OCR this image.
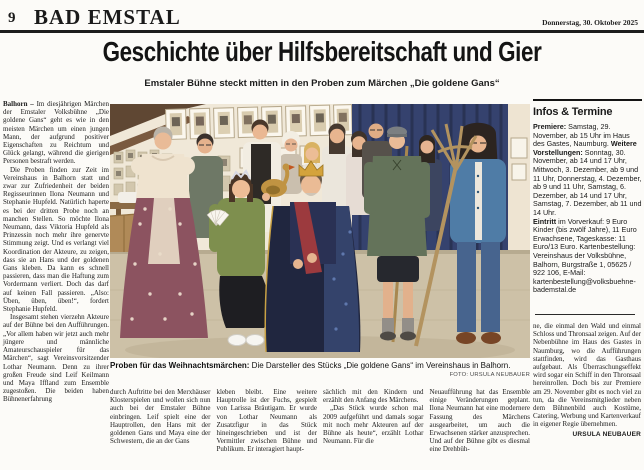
9 BAD EMSTAL	Donnerstag, 30. Oktober 2025
Geschichte über Hilfsbereitschaft und Gier
Emstaler Bühne steckt mitten in den Proben zum Märchen „Die goldene Gans“

Balhorn – Im diesjährigen Märchen der Emstaler Volksbühne „Die goldene Gans“ geht es wie in den meisten Märchen um einen jungen Mann, der aufgrund positiver Eigenschaften zu Reichtum und Glück gelangt, während die gierigen Personen bestraft werden.

Die Proben finden zur Zeit im Vereinshaus in Balhorn statt und zwar zur Zufriedenheit der beiden Regisseurinnen Ilona Neumann und Stephanie Hupfeld. Natürlich haperte es bei der dritten Probe noch an manchen Stellen. So möchte Ilona Neumann, dass Viktoria Hupfeld als Prinzessin noch mehr ihre genervte Stimmung zeigt. Und es verlangt viel Koordination der Akteure, zu zeigen, dass sie an Hans und der goldenen Gans kleben. Da kann es schnell passieren, dass man die Haftung zum Vordermann verliert. Doch das darf auf keinen Fall passieren. „Also: Üben, üben, üben!“, fordert Stephanie Hupfeld.

Insgesamt stehen vierzehn Akteure auf der Bühne bei den Aufführungen. „Vor allem haben wir jetzt auch mehr jüngere und männliche Amateurschauspieler für das Märchen“, sagt Vereinsvorsitzender Lothar Neumann. Denn zu ihrer großen Freude sind Leif Keilmann und Maya Iffland zum Ensemble zugestoßen. Die beiden haben Bühnenerfahrung

Proben für das Weihnachtsmärchen: Die Darsteller des Stücks „Die goldene Gans“ im Vereinshaus in Balhorn.
FOTO: URSULA NEUBAUER

durch Auftritte bei den Merxhäuser Klosterspielen und wollen sich nun auch bei der Emstaler Bühne einbringen. Leif spielt eine der Hauptrollen, den Hans mit der goldenen Gans und Maya eine der Schwestern, die an der Gans

kleben bleibt. Eine weitere Hauptrolle ist der Fuchs, gespielt von Larissa Bräutigam. Er wurde von Lothar Neumann als Zusatzfigur in das Stück hineingeschrieben und ist der Vermittler zwischen Bühne und Publikum. Er interagiert haupt-

sächlich mit den Kindern und erzählt den Anfang des Märchens.

„Das Stück wurde schon mal 2009 aufgeführt und damals sogar mit noch mehr Akteuren auf der Bühne als heute“, erzählt Lothar Neumann. Für die

Neuaufführung hat das Ensemble einige Veränderungen geplant. Ilona Neumann hat eine modernere Fassung des Märchens ausgearbeitet, um auch die Erwachsenen stärker anzusprechen. Und auf der Bühne gibt es diesmal eine Drehbüh-

Infos & Termine

Premiere: Samstag, 29. November, ab 15 Uhr im Haus des Gastes, Naumburg. Weitere Vorstellungen: Sonntag, 30. November, ab 14 und 17 Uhr, Mittwoch, 3. Dezember, ab 9 und 11 Uhr, Donnerstag, 4. Dezember, ab 9 und 11 Uhr, Samstag, 6. Dezember, ab 14 und 17 Uhr, Samstag, 7. Dezember, ab 11 und 14 Uhr.

Eintritt im Vorverkauf: 9 Euro Kinder (bis zwölf Jahre), 11 Euro Erwachsene, Tageskasse: 11 Euro/13 Euro. Kartenbestellung: Vereinshaus der Volksbühne, Balhorn, Burgstraße 1, 05625 / 922 106, E-Mail: kartenbestellung@volksbuehne-bademstal.de

ne, die einmal den Wald und einmal Schloss und Thronsaal zeigen. Auf der Nebenbühne im Haus des Gastes in Naumburg, wo die Aufführungen stattfinden, wird das Gasthaus aufgebaut. Als Überraschungseffekt wird sogar ein Schiff in den Thronsaal hereinrollen. Doch bis zur Premiere am 29. November gibt es noch viel zu tun, da die Vereinsmitglieder neben dem Bühnenbild auch Kostüme, Catering, Werbung und Kartenverkauf in eigener Regie übernehmen.

URSULA NEUBAUER
